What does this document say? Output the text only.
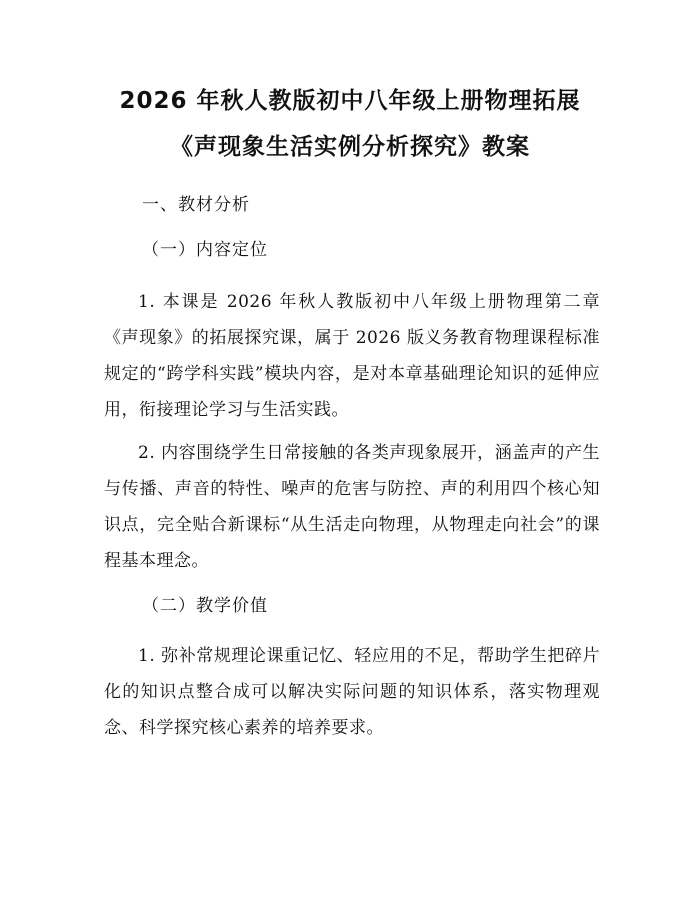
2026 年秋人教版初中八年级上册物理拓展
《声现象生活实例分析探究》教案
一、教材分析
（一）内容定位
1. 本课是 2026 年秋人教版初中八年级上册物理第二章《声现象》的拓展探究课，属于 2026 版义务教育物理课程标准规定的“跨学科实践”模块内容，是对本章基础理论知识的延伸应用，衔接理论学习与生活实践。
2. 内容围绕学生日常接触的各类声现象展开，涵盖声的产生与传播、声音的特性、噪声的危害与防控、声的利用四个核心知识点，完全贴合新课标“从生活走向物理，从物理走向社会”的课程基本理念。
（二）教学价值
1. 弥补常规理论课重记忆、轻应用的不足，帮助学生把碎片化的知识点整合成可以解决实际问题的知识体系，落实物理观念、科学探究核心素养的培养要求。
